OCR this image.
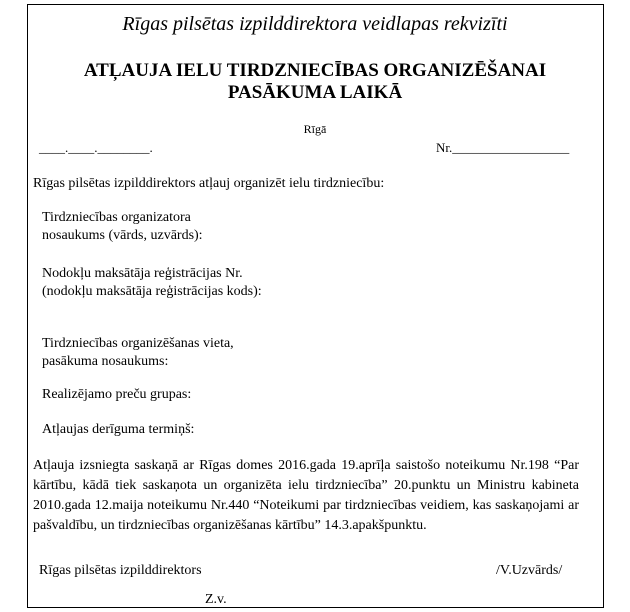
Rīgas pilsētas izpilddirektora veidlapas rekvizīti
ATĻAUJA IELU TIRDZNIECĪBAS ORGANIZĒŠANAI
PASĀKUMA LAIKĀ
Rīgā
____.____.________.	Nr.__________________
Rīgas pilsētas izpilddirektors atļauj organizēt ielu tirdzniecību:
Tirdzniecības organizatora nosaukums (vārds, uzvārds):
Nodokļu maksātāja reģistrācijas Nr. (nodokļu maksātāja reģistrācijas kods):
Tirdzniecības organizēšanas vieta, pasākuma nosaukums:
Realizējamo preču grupas:
Atļaujas derīguma termiņš:
Atļauja izsniegta saskaņā ar Rīgas domes 2016.gada 19.aprīļa saistošo noteikumu Nr.198 “Par kārtību, kādā tiek saskaņota un organizēta ielu tirdzniecība” 20.punktu un Ministru kabineta 2010.gada 12.maija noteikumu Nr.440 “Noteikumi par tirdzniecības veidiem, kas saskaņojami ar pašvaldību, un tirdzniecības organizēšanas kārtību” 14.3.apakšpunktu.
Rīgas pilsētas izpilddirektors	/V.Uzvārds/
Z.v.
